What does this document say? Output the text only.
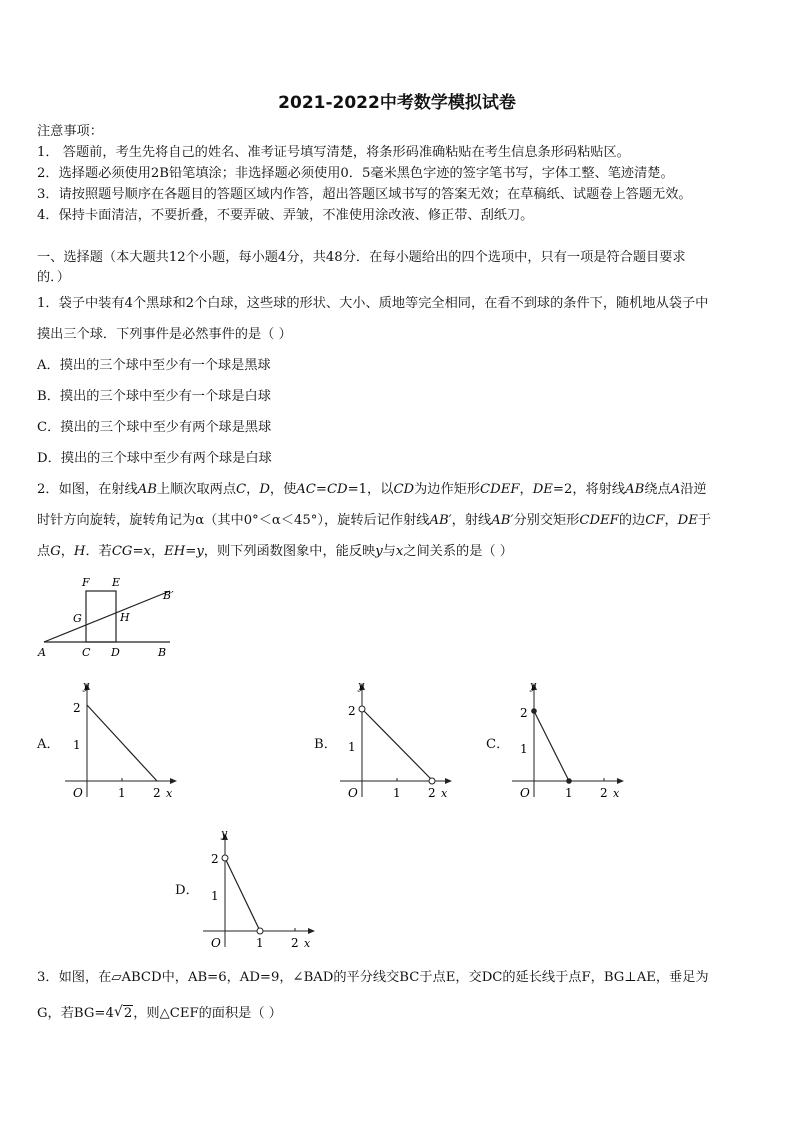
2021-2022中考数学模拟试卷
注意事项：
1． 答题前，考生先将自己的姓名、准考证号填写清楚，将条形码准确粘贴在考生信息条形码粘贴区。
2．选择题必须使用2B铅笔填涂；非选择题必须使用0．5毫米黑色字迹的签字笔书写，字体工整、笔迹清楚。
3．请按照题号顺序在各题目的答题区域内作答，超出答题区域书写的答案无效；在草稿纸、试题卷上答题无效。
4．保持卡面清洁，不要折叠，不要弄破、弄皱，不准使用涂改液、修正带、刮纸刀。
一、选择题（本大题共12个小题，每小题4分，共48分．在每小题给出的四个选项中，只有一项是符合题目要求
的．）
1．袋子中装有4个黑球和2个白球，这些球的形状、大小、质地等完全相同，在看不到球的条件下，随机地从袋子中
摸出三个球．下列事件是必然事件的是（ ）
A．摸出的三个球中至少有一个球是黑球
B．摸出的三个球中至少有一个球是白球
C．摸出的三个球中至少有两个球是黑球
D．摸出的三个球中至少有两个球是白球
2．如图，在射线AB上顺次取两点C，D，使AC=CD=1，以CD为边作矩形CDEF，DE=2，将射线AB绕点A沿逆
时针方向旋转，旋转角记为α（其中0°＜α＜45°），旋转后记作射线AB′，射线AB′分别交矩形CDEF的边CF，DE于
点G，H．若CG=x，EH=y，则下列函数图象中，能反映y与x之间关系的是（ ）
F E
B′
G	H
A	C D	B
A．
y
2
1
O	1 2 x
B．
y
2
1
O	1 2 x
C．
y
2
1
O	1 2 x
D．
y
2
1
O	1 2 x
3．如图，在▱ABCD中，AB=6，AD=9，∠BAD的平分线交BC于点E，交DC的延长线于点F，BG⊥AE，垂足为
G，若BG=4 √ 2，则△CEF的面积是（ ）
